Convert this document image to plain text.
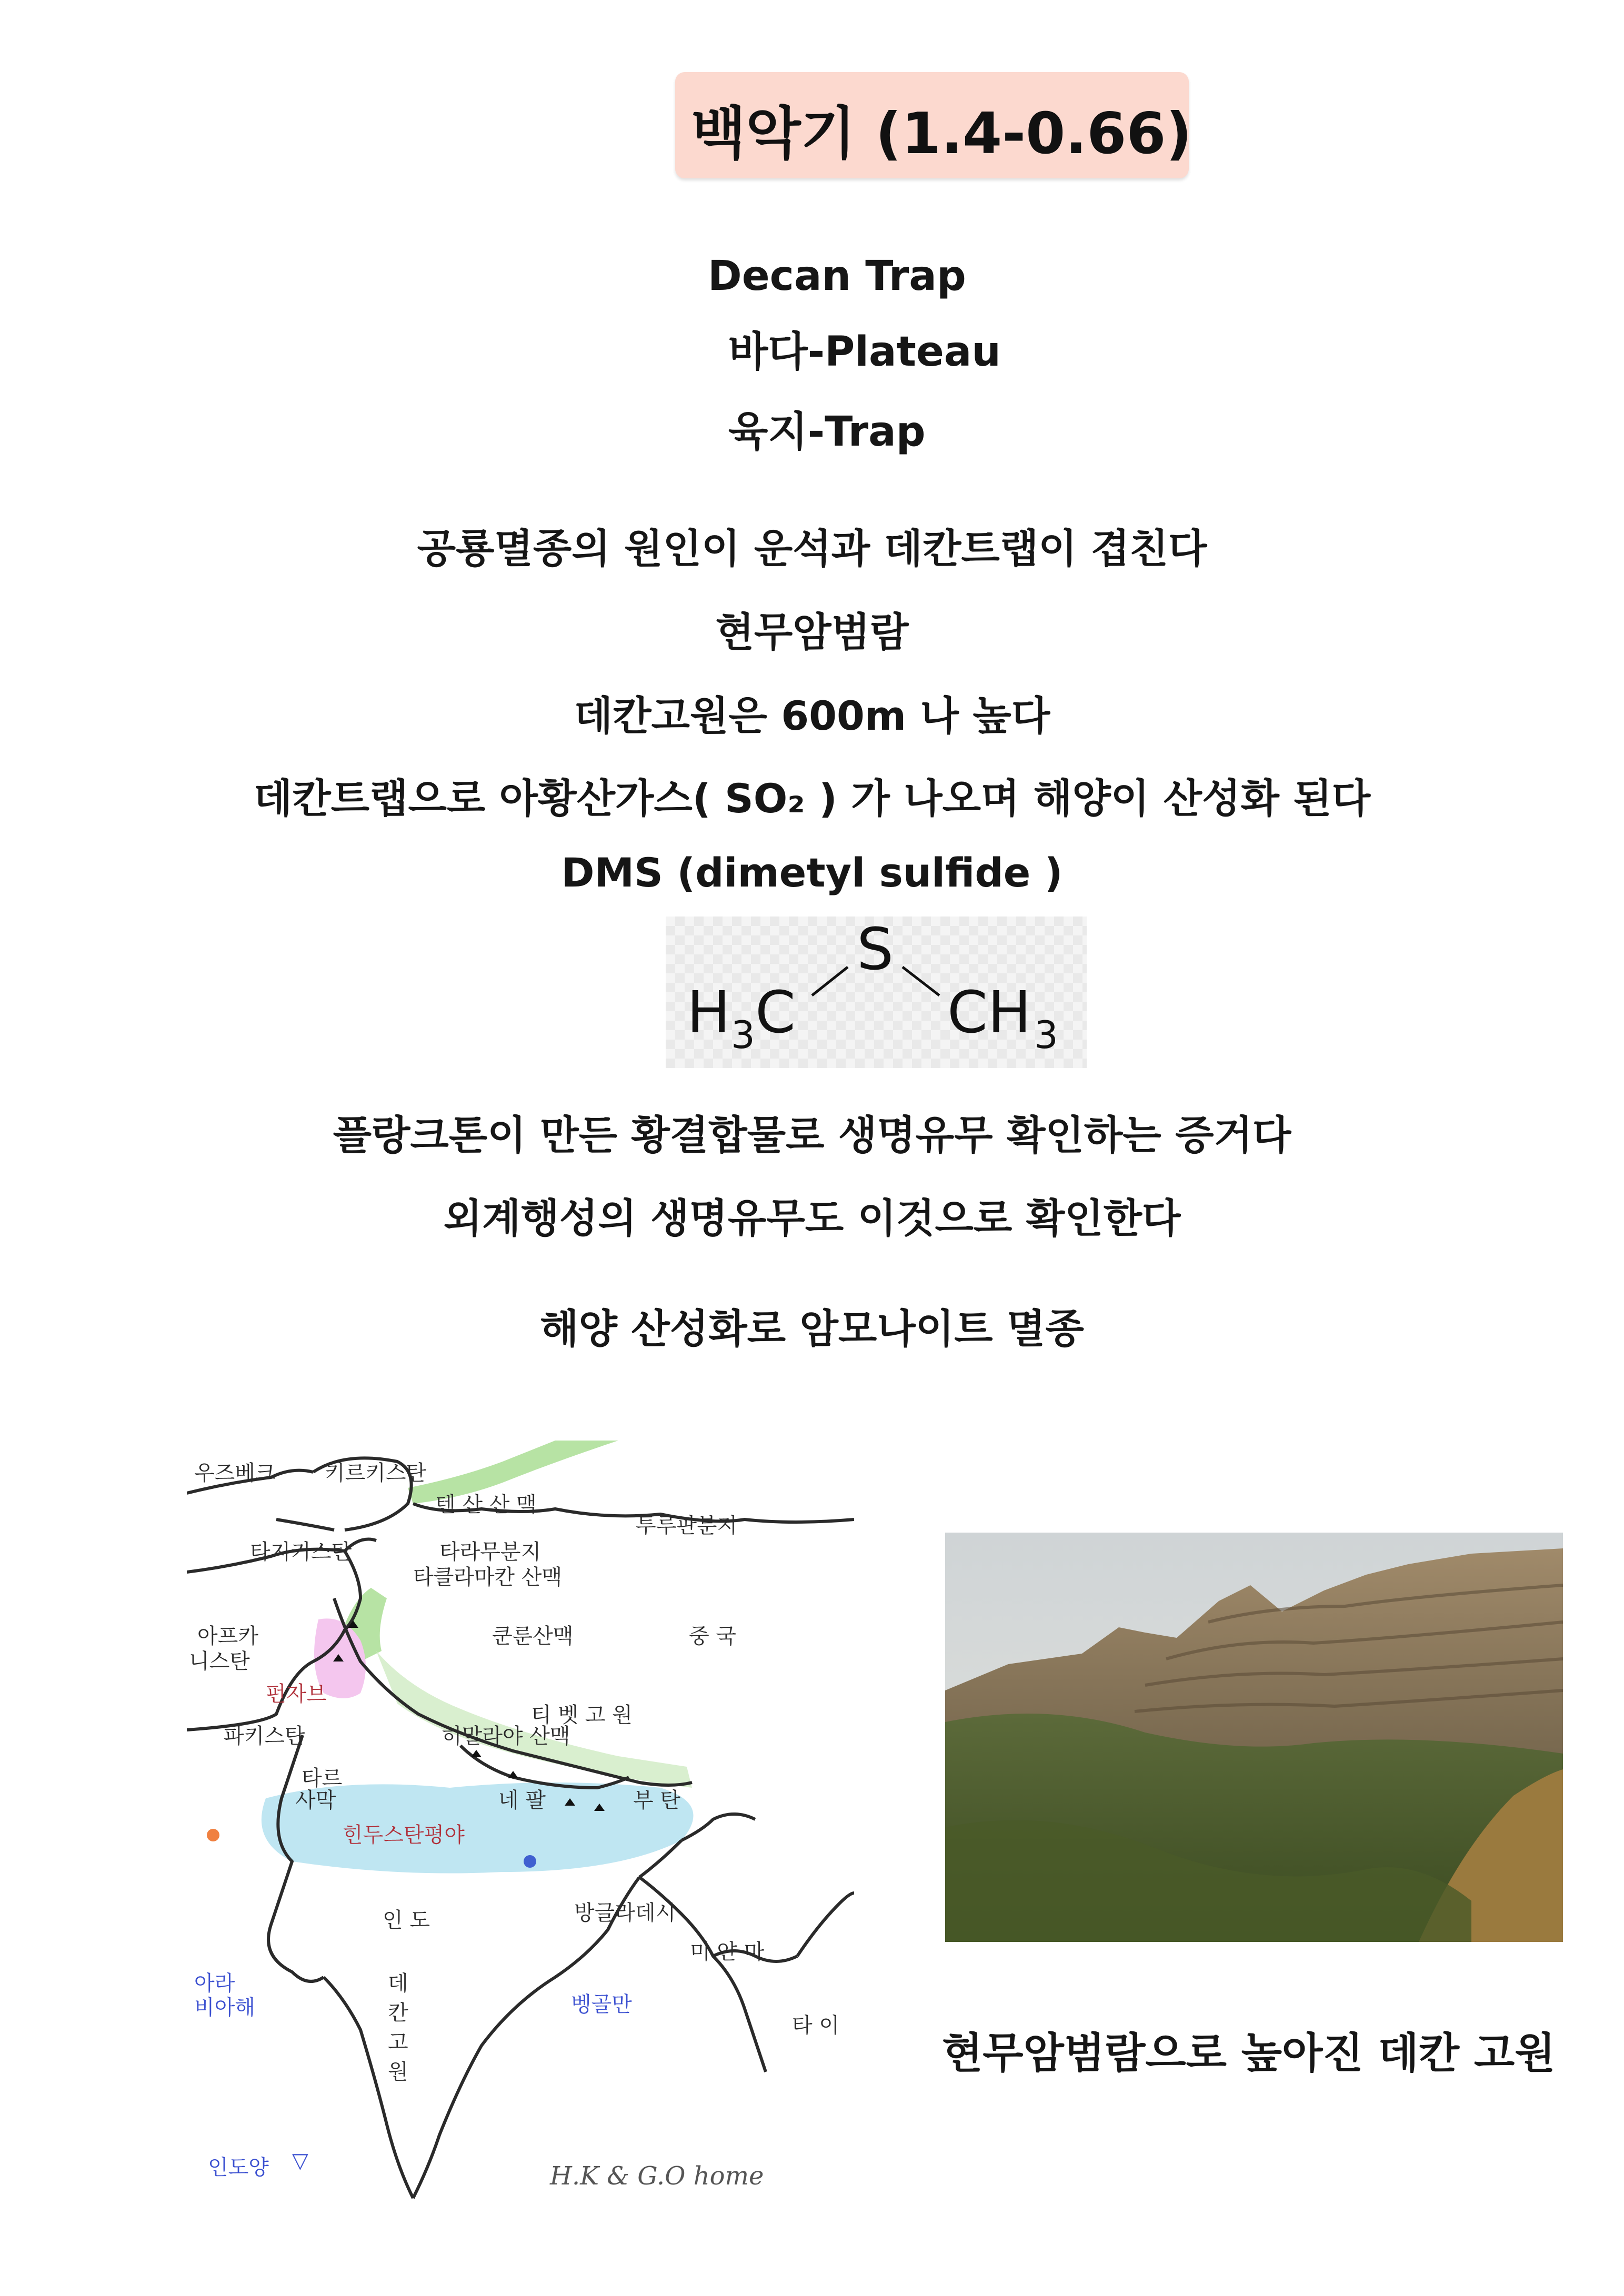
백악기 (1.4-0.66)
Decan Trap
바다-Plateau
육지-Trap
공룡멸종의 원인이 운석과 데칸트랩이 겹친다
현무암범람
데칸고원은 600m 나 높다
데칸트랩으로 아황산가스( SO₂ ) 가 나오며 해양이 산성화 된다
DMS (dimetyl sulfide )
S
H 3 C	CH 3
플랑크톤이 만든 황결합물로 생명유무 확인하는 증거다
외계행성의 생명유무도 이것으로 확인한다
해양 산성화로 암모나이트 멸종
우즈베크 키르키스탄
텐 산 산 맥
투루판분지
타지키스탄	타라무분지
타클라마칸 산맥
아프카
니스탄
쿤룬산맥	중 국
펀자브
티 벳 고 원
파키스탄	히말라야 산맥
타르
사막	네 팔	부 탄
힌두스탄평야
인 도	방글라데시
미 얀 마
아라
비아해
데
칸
고
원
벵골만
타 이
인도양 ▽
H.K & G.O home
현무암범람으로 높아진 데칸 고원
